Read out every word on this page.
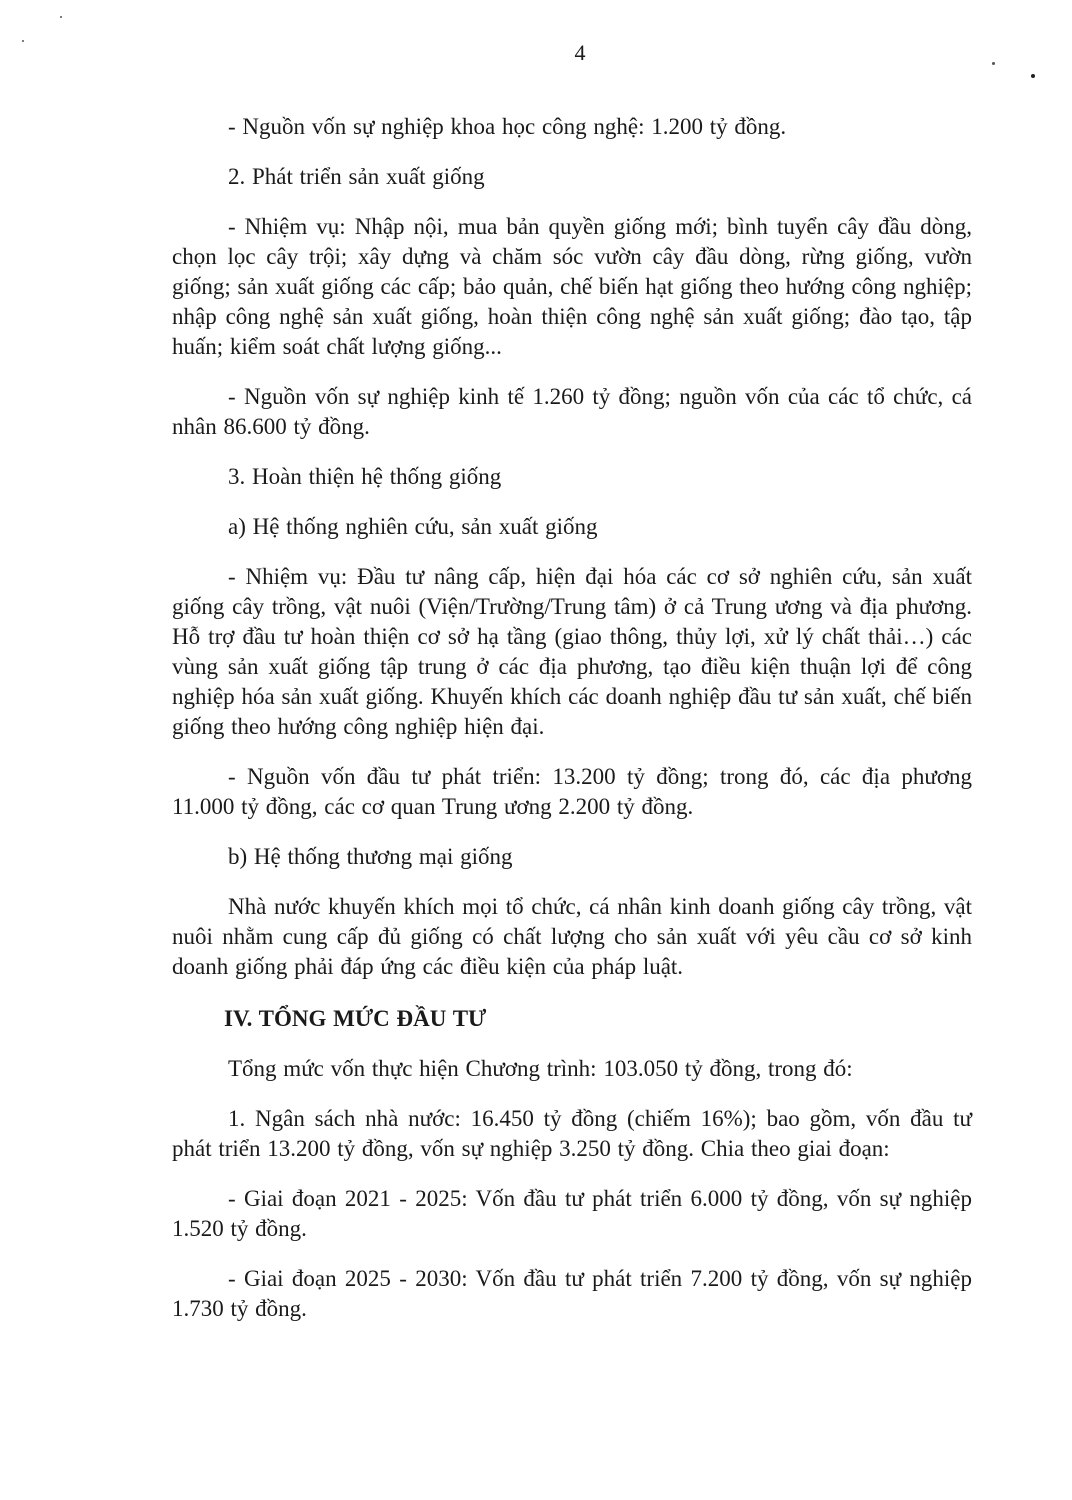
4

- Nguồn vốn sự nghiệp khoa học công nghệ: 1.200 tỷ đồng.

2. Phát triển sản xuất giống

- Nhiệm vụ: Nhập nội, mua bản quyền giống mới; bình tuyển cây đầu dòng, chọn lọc cây trội; xây dựng và chăm sóc vườn cây đầu dòng, rừng giống, vườn giống; sản xuất giống các cấp; bảo quản, chế biến hạt giống theo hướng công nghiệp; nhập công nghệ sản xuất giống, hoàn thiện công nghệ sản xuất giống; đào tạo, tập huấn; kiểm soát chất lượng giống...

- Nguồn vốn sự nghiệp kinh tế 1.260 tỷ đồng; nguồn vốn của các tổ chức, cá nhân 86.600 tỷ đồng.

3. Hoàn thiện hệ thống giống

a) Hệ thống nghiên cứu, sản xuất giống

- Nhiệm vụ: Đầu tư nâng cấp, hiện đại hóa các cơ sở nghiên cứu, sản xuất giống cây trồng, vật nuôi (Viện/Trường/Trung tâm) ở cả Trung ương và địa phương. Hỗ trợ đầu tư hoàn thiện cơ sở hạ tầng (giao thông, thủy lợi, xử lý chất thải…) các vùng sản xuất giống tập trung ở các địa phương, tạo điều kiện thuận lợi để công nghiệp hóa sản xuất giống. Khuyến khích các doanh nghiệp đầu tư sản xuất, chế biến giống theo hướng công nghiệp hiện đại.

- Nguồn vốn đầu tư phát triển: 13.200 tỷ đồng; trong đó, các địa phương 11.000 tỷ đồng, các cơ quan Trung ương 2.200 tỷ đồng.

b) Hệ thống thương mại giống

Nhà nước khuyến khích mọi tổ chức, cá nhân kinh doanh giống cây trồng, vật nuôi nhằm cung cấp đủ giống có chất lượng cho sản xuất với yêu cầu cơ sở kinh doanh giống phải đáp ứng các điều kiện của pháp luật.

IV. TỔNG MỨC ĐẦU TƯ

Tổng mức vốn thực hiện Chương trình: 103.050 tỷ đồng, trong đó:

1. Ngân sách nhà nước: 16.450 tỷ đồng (chiếm 16%); bao gồm, vốn đầu tư phát triển 13.200 tỷ đồng, vốn sự nghiệp 3.250 tỷ đồng. Chia theo giai đoạn:

- Giai đoạn 2021 - 2025: Vốn đầu tư phát triển 6.000 tỷ đồng, vốn sự nghiệp 1.520 tỷ đồng.

- Giai đoạn 2025 - 2030: Vốn đầu tư phát triển 7.200 tỷ đồng, vốn sự nghiệp 1.730 tỷ đồng.
